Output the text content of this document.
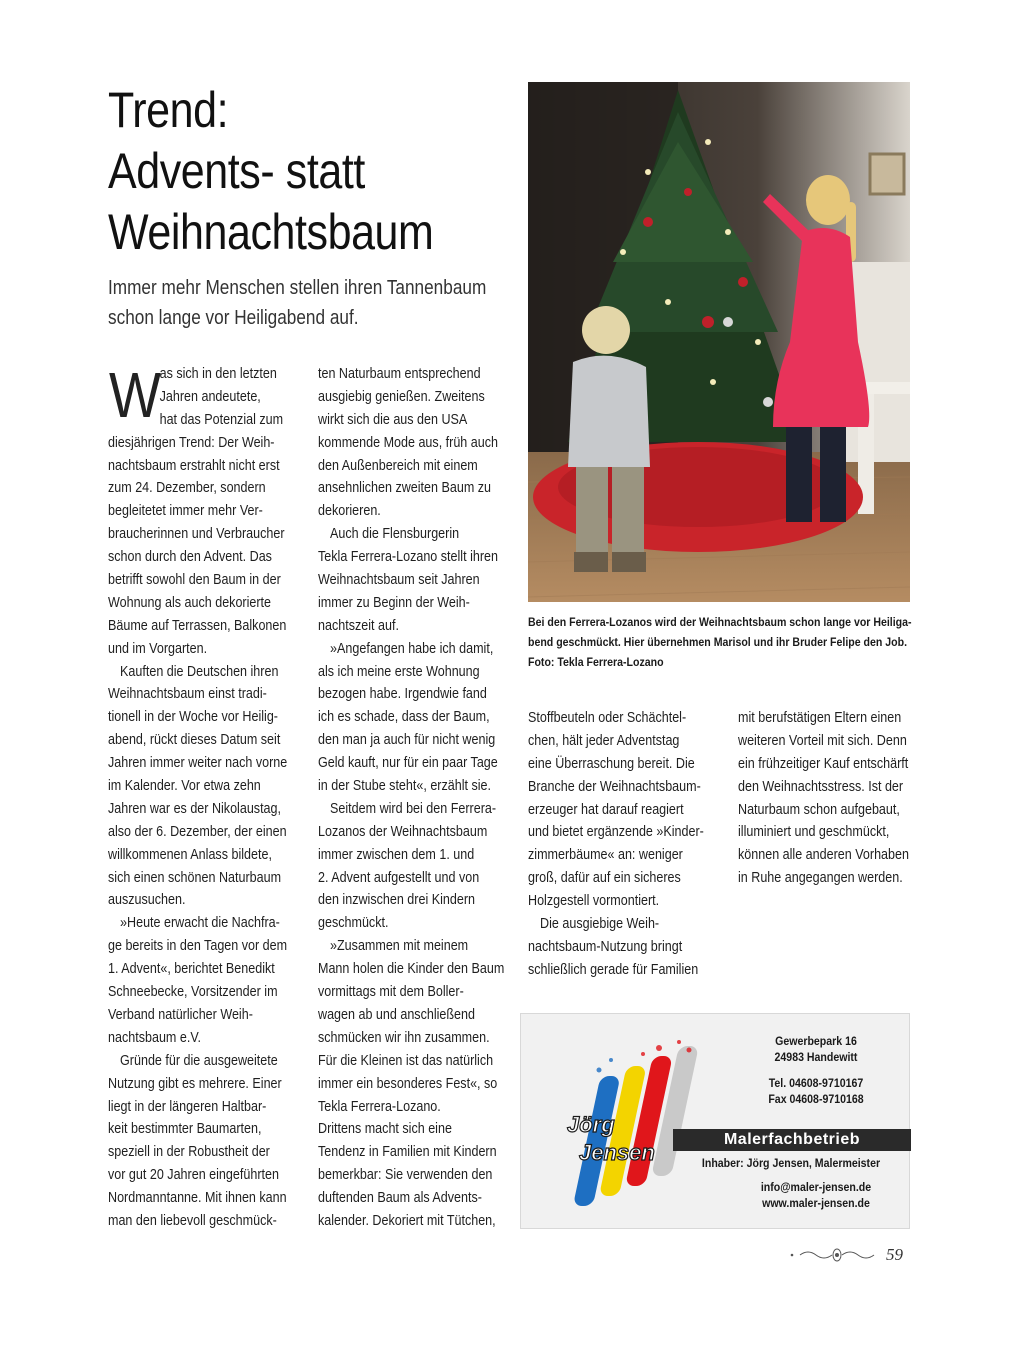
Trend:
Advents- statt
Weihnachtsbaum

Immer mehr Menschen stellen ihren Tannenbaum
schon lange vor Heiligabend auf.

W
as sich in den letzten
Jahren andeutete,
hat das Potenzial zum
diesjährigen Trend: Der Weih-
nachtsbaum erstrahlt nicht erst
zum 24. Dezember, sondern
begleitetet immer mehr Ver-
braucherinnen und Verbraucher
schon durch den Advent. Das
betrifft sowohl den Baum in der
Wohnung als auch dekorierte
Bäume auf Terrassen, Balkonen
und im Vorgarten.
Kauften die Deutschen ihren
Weihnachtsbaum einst tradi-
tionell in der Woche vor Heilig-
abend, rückt dieses Datum seit
Jahren immer weiter nach vorne
im Kalender. Vor etwa zehn
Jahren war es der Nikolaustag,
also der 6. Dezember, der einen
willkommenen Anlass bildete,
sich einen schönen Naturbaum
auszusuchen.
»Heute erwacht die Nachfra-
ge bereits in den Tagen vor dem
1. Advent«, berichtet Benedikt
Schneebecke, Vorsitzender im
Verband natürlicher Weih-
nachtsbaum e.V.
Gründe für die ausgeweitete
Nutzung gibt es mehrere. Einer
liegt in der längeren Haltbar-
keit bestimmter Baumarten,
speziell in der Robustheit der
vor gut 20 Jahren eingeführten
Nordmanntanne. Mit ihnen kann
man den liebevoll geschmück-
ten Naturbaum entsprechend
ausgiebig genießen. Zweitens
wirkt sich die aus den USA
kommende Mode aus, früh auch
den Außenbereich mit einem
ansehnlichen zweiten Baum zu
dekorieren.
Auch die Flensburgerin
Tekla Ferrera-Lozano stellt ihren
Weihnachtsbaum seit Jahren
immer zu Beginn der Weih-
nachtszeit auf.
»Angefangen habe ich damit,
als ich meine erste Wohnung
bezogen habe. Irgendwie fand
ich es schade, dass der Baum,
den man ja auch für nicht wenig
Geld kauft, nur für ein paar Tage
in der Stube steht«, erzählt sie.
Seitdem wird bei den Ferrera-
Lozanos der Weihnachtsbaum
immer zwischen dem 1. und
2. Advent aufgestellt und von
den inzwischen drei Kindern
geschmückt.
»Zusammen mit meinem
Mann holen die Kinder den Baum
vormittags mit dem Boller-
wagen ab und anschließend
schmücken wir ihn zusammen.
Für die Kleinen ist das natürlich
immer ein besonderes Fest«, so
Tekla Ferrera-Lozano.
Drittens macht sich eine
Tendenz in Familien mit Kindern
bemerkbar: Sie verwenden den
duftenden Baum als Advents-
kalender. Dekoriert mit Tütchen,
Stoffbeuteln oder Schächtel-
chen, hält jeder Adventstag
eine Überraschung bereit. Die
Branche der Weihnachtsbaum-
erzeuger hat darauf reagiert
und bietet ergänzende »Kinder-
zimmerbäume« an: weniger
groß, dafür auf ein sicheres
Holzgestell vormontiert.
Die ausgiebige Weih-
nachtsbaum-Nutzung bringt
schließlich gerade für Familien
mit berufstätigen Eltern einen
weiteren Vorteil mit sich. Denn
ein frühzeitiger Kauf entschärft
den Weihnachtsstress. Ist der
Naturbaum schon aufgebaut,
illuminiert und geschmückt,
können alle anderen Vorhaben
in Ruhe angegangen werden.

Bei den Ferrera-Lozanos wird der Weihnachtsbaum schon lange vor Heiliga-
bend geschmückt. Hier übernehmen Marisol und ihr Bruder Felipe den Job.
Foto: Tekla Ferrera-Lozano

Jörg
Jensen
Gewerbepark 16
24983 Handewitt
Tel. 04608-9710167
Fax 04608-9710168
Malerfachbetrieb
Inhaber: Jörg Jensen, Malermeister
info@maler-jensen.de
www.maler-jensen.de
59
